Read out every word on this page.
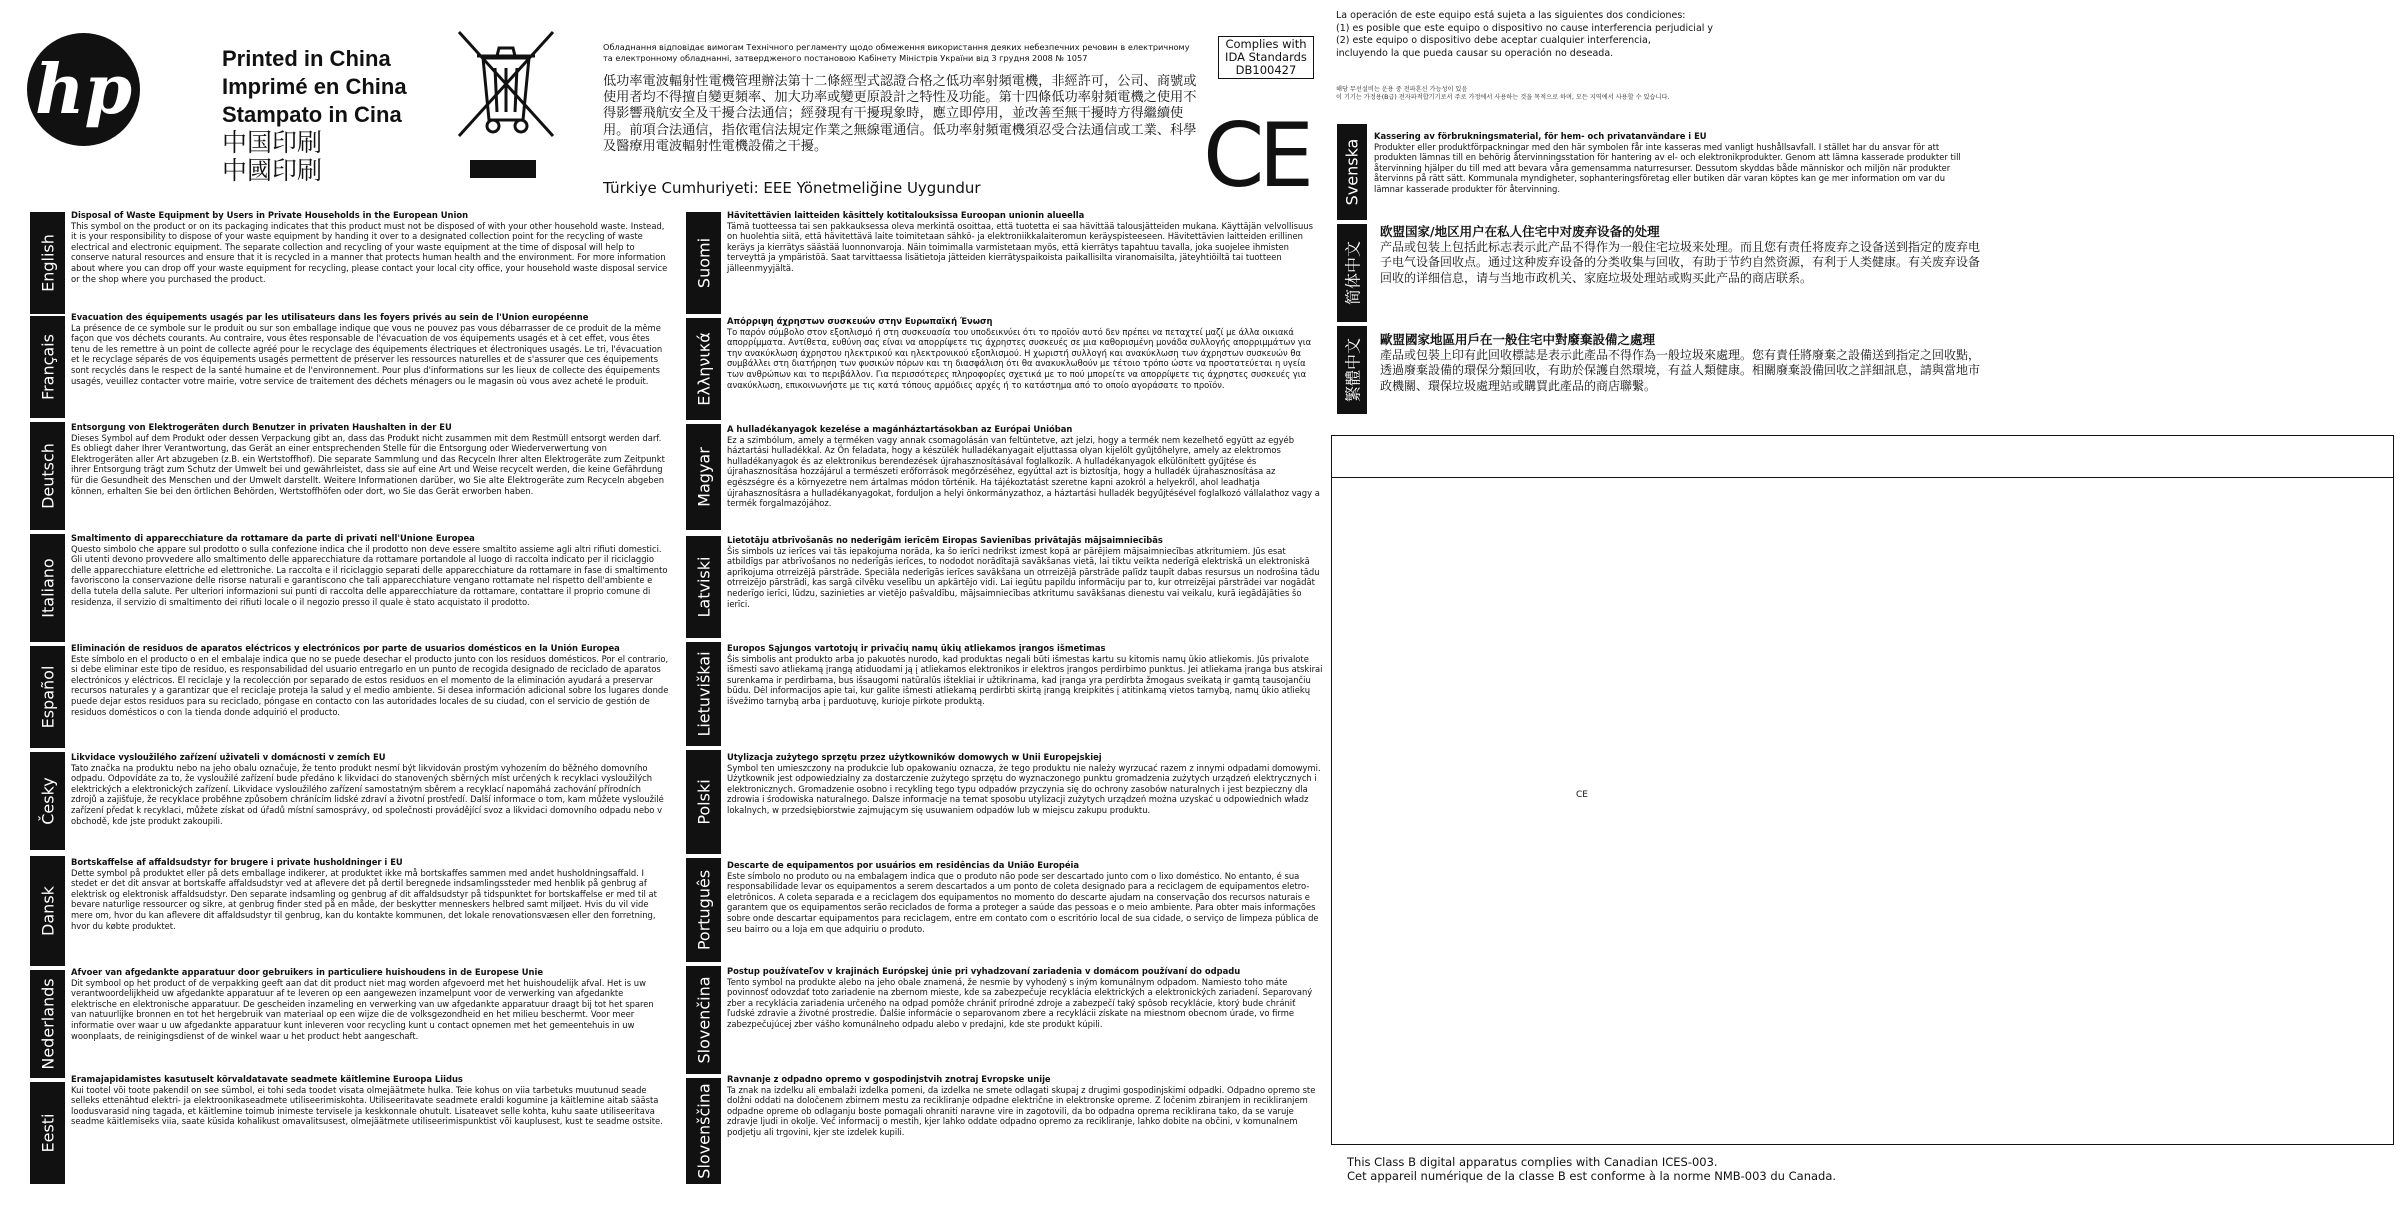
hp	Printed in China
Imprimé en China
Stampato in Cina
中国印刷
中國印刷
Обладнання відповідає вимогам Технічного регламенту щодо обмеження використання деяких небезпечних речовин в електричному та електронному обладнанні, затвердженого постановою Кабінету Міністрів України від 3 грудня 2008 № 1057
低功率電波輻射性電機管理辦法第十二條經型式認證合格之低功率射頻電機，非經許可，公司、商號或使用者均不得擅自變更頻率、加大功率或變更原設計之特性及功能。第十四條低功率射頻電機之使用不得影響飛航安全及干擾合法通信；經發現有干擾現象時，應立即停用，並改善至無干擾時方得繼續使用。前項合法通信，指依電信法規定作業之無線電通信。低功率射頻電機須忍受合法通信或工業、科學及醫療用電波輻射性電機設備之干擾。
Türkiye Cumhuriyeti: EEE Yönetmeliğine Uygundur
Complies with
IDA Standards
DB100427
CE
La operación de este equipo está sujeta a las siguientes dos condiciones:
(1) es posible que este equipo o dispositivo no cause interferencia perjudicial y
(2) este equipo o dispositivo debe aceptar cualquier interferencia,
incluyendo la que pueda causar su operación no deseada.
해당 무선설비는 운용 중 전파혼신 가능성이 있음
이 기기는 가정용(B급) 전자파적합기기로서 주로 가정에서 사용하는 것을 목적으로 하며, 모든 지역에서 사용할 수 있습니다.
English
Disposal of Waste Equipment by Users in Private Households in the European Union
This symbol on the product or on its packaging indicates that this product must not be disposed of with your other household waste. Instead, it is your responsibility to dispose of your waste equipment by handing it over to a designated collection point for the recycling of waste electrical and electronic equipment. The separate collection and recycling of your waste equipment at the time of disposal will help to conserve natural resources and ensure that it is recycled in a manner that protects human health and the environment. For more information about where you can drop off your waste equipment for recycling, please contact your local city office, your household waste disposal service or the shop where you purchased the product.
Français
Evacuation des équipements usagés par les utilisateurs dans les foyers privés au sein de l'Union européenne
La présence de ce symbole sur le produit ou sur son emballage indique que vous ne pouvez pas vous débarrasser de ce produit de la même façon que vos déchets courants. Au contraire, vous êtes responsable de l'évacuation de vos équipements usagés et à cet effet, vous êtes tenu de les remettre à un point de collecte agréé pour le recyclage des équipements électriques et électroniques usagés. Le tri, l'évacuation et le recyclage séparés de vos équipements usagés permettent de préserver les ressources naturelles et de s'assurer que ces équipements sont recyclés dans le respect de la santé humaine et de l'environnement. Pour plus d'informations sur les lieux de collecte des équipements usagés, veuillez contacter votre mairie, votre service de traitement des déchets ménagers ou le magasin où vous avez acheté le produit.
Deutsch
Entsorgung von Elektrogeräten durch Benutzer in privaten Haushalten in der EU
Dieses Symbol auf dem Produkt oder dessen Verpackung gibt an, dass das Produkt nicht zusammen mit dem Restmüll entsorgt werden darf. Es obliegt daher Ihrer Verantwortung, das Gerät an einer entsprechenden Stelle für die Entsorgung oder Wiederverwertung von Elektrogeräten aller Art abzugeben (z.B. ein Wertstoffhof). Die separate Sammlung und das Recyceln Ihrer alten Elektrogeräte zum Zeitpunkt ihrer Entsorgung trägt zum Schutz der Umwelt bei und gewährleistet, dass sie auf eine Art und Weise recycelt werden, die keine Gefährdung für die Gesundheit des Menschen und der Umwelt darstellt. Weitere Informationen darüber, wo Sie alte Elektrogeräte zum Recyceln abgeben können, erhalten Sie bei den örtlichen Behörden, Wertstoffhöfen oder dort, wo Sie das Gerät erworben haben.
Italiano
Smaltimento di apparecchiature da rottamare da parte di privati nell'Unione Europea
Questo simbolo che appare sul prodotto o sulla confezione indica che il prodotto non deve essere smaltito assieme agli altri rifiuti domestici. Gli utenti devono provvedere allo smaltimento delle apparecchiature da rottamare portandole al luogo di raccolta indicato per il riciclaggio delle apparecchiature elettriche ed elettroniche. La raccolta e il riciclaggio separati delle apparecchiature da rottamare in fase di smaltimento favoriscono la conservazione delle risorse naturali e garantiscono che tali apparecchiature vengano rottamate nel rispetto dell'ambiente e della tutela della salute. Per ulteriori informazioni sui punti di raccolta delle apparecchiature da rottamare, contattare il proprio comune di residenza, il servizio di smaltimento dei rifiuti locale o il negozio presso il quale è stato acquistato il prodotto.
Español
Eliminación de residuos de aparatos eléctricos y electrónicos por parte de usuarios domésticos en la Unión Europea
Este símbolo en el producto o en el embalaje indica que no se puede desechar el producto junto con los residuos domésticos. Por el contrario, si debe eliminar este tipo de residuo, es responsabilidad del usuario entregarlo en un punto de recogida designado de reciclado de aparatos electrónicos y eléctricos. El reciclaje y la recolección por separado de estos residuos en el momento de la eliminación ayudará a preservar recursos naturales y a garantizar que el reciclaje proteja la salud y el medio ambiente. Si desea información adicional sobre los lugares donde puede dejar estos residuos para su reciclado, póngase en contacto con las autoridades locales de su ciudad, con el servicio de gestión de residuos domésticos o con la tienda donde adquirió el producto.
Česky
Likvidace vysloužilého zařízení uživateli v domácnosti v zemích EU
Tato značka na produktu nebo na jeho obalu označuje, že tento produkt nesmí být likvidován prostým vyhozením do běžného domovního odpadu. Odpovídáte za to, že vysloužilé zařízení bude předáno k likvidaci do stanovených sběrných míst určených k recyklaci vysloužilých elektrických a elektronických zařízení. Likvidace vysloužilého zařízení samostatným sběrem a recyklací napomáhá zachování přírodních zdrojů a zajišťuje, že recyklace proběhne způsobem chránícím lidské zdraví a životní prostředí. Další informace o tom, kam můžete vysloužilé zařízení předat k recyklaci, můžete získat od úřadů místní samosprávy, od společnosti provádějící svoz a likvidaci domovního odpadu nebo v obchodě, kde jste produkt zakoupili.
Dansk
Bortskaffelse af affaldsudstyr for brugere i private husholdninger i EU
Dette symbol på produktet eller på dets emballage indikerer, at produktet ikke må bortskaffes sammen med andet husholdningsaffald. I stedet er det dit ansvar at bortskaffe affaldsudstyr ved at aflevere det på dertil beregnede indsamlingssteder med henblik på genbrug af elektrisk og elektronisk affaldsudstyr. Den separate indsamling og genbrug af dit affaldsudstyr på tidspunktet for bortskaffelse er med til at bevare naturlige ressourcer og sikre, at genbrug finder sted på en måde, der beskytter menneskers helbred samt miljøet. Hvis du vil vide mere om, hvor du kan aflevere dit affaldsudstyr til genbrug, kan du kontakte kommunen, det lokale renovationsvæsen eller den forretning, hvor du købte produktet.
Nederlands
Afvoer van afgedankte apparatuur door gebruikers in particuliere huishoudens in de Europese Unie
Dit symbool op het product of de verpakking geeft aan dat dit product niet mag worden afgevoerd met het huishoudelijk afval. Het is uw verantwoordelijkheid uw afgedankte apparatuur af te leveren op een aangewezen inzamelpunt voor de verwerking van afgedankte elektrische en elektronische apparatuur. De gescheiden inzameling en verwerking van uw afgedankte apparatuur draagt bij tot het sparen van natuurlijke bronnen en tot het hergebruik van materiaal op een wijze die de volksgezondheid en het milieu beschermt. Voor meer informatie over waar u uw afgedankte apparatuur kunt inleveren voor recycling kunt u contact opnemen met het gemeentehuis in uw woonplaats, de reinigingsdienst of de winkel waar u het product hebt aangeschaft.
Eesti
Eramajapidamistes kasutuselt kõrvaldatavate seadmete käitlemine Euroopa Liidus
Kui tootel või toote pakendil on see sümbol, ei tohi seda toodet visata olmejäätmete hulka. Teie kohus on viia tarbetuks muutunud seade selleks ettenähtud elektri- ja elektroonikaseadmete utiliseerimiskohta. Utiliseeritavate seadmete eraldi kogumine ja käitlemine aitab säästa loodusvarasid ning tagada, et käitlemine toimub inimeste tervisele ja keskkonnale ohutult. Lisateavet selle kohta, kuhu saate utiliseeritava seadme käitlemiseks viia, saate küsida kohalikust omavalitsusest, olmejäätmete utiliseerimispunktist või kauplusest, kust te seadme ostsite.
Suomi
Hävitettävien laitteiden käsittely kotitalouksissa Euroopan unionin alueella
Tämä tuotteessa tai sen pakkauksessa oleva merkintä osoittaa, että tuotetta ei saa hävittää talousjätteiden mukana. Käyttäjän velvollisuus on huolehtia siitä, että hävitettävä laite toimitetaan sähkö- ja elektroniikkalaiteromun keräyspisteeseen. Hävitettävien laitteiden erillinen keräys ja kierrätys säästää luonnonvaroja. Näin toimimalla varmistetaan myös, että kierrätys tapahtuu tavalla, joka suojelee ihmisten terveyttä ja ympäristöä. Saat tarvittaessa lisätietoja jätteiden kierrätyspaikoista paikallisilta viranomaisilta, jäteyhtiöiltä tai tuotteen jälleenmyyjältä.
Ελληνικά
Απόρριψη άχρηστων συσκευών στην Ευρωπαϊκή Ένωση
Το παρόν σύμβολο στον εξοπλισμό ή στη συσκευασία του υποδεικνύει ότι το προϊόν αυτό δεν πρέπει να πεταχτεί μαζί με άλλα οικιακά απορρίμματα. Αντίθετα, ευθύνη σας είναι να απορρίψετε τις άχρηστες συσκευές σε μια καθορισμένη μονάδα συλλογής απορριμμάτων για την ανακύκλωση άχρηστου ηλεκτρικού και ηλεκτρονικού εξοπλισμού. Η χωριστή συλλογή και ανακύκλωση των άχρηστων συσκευών θα συμβάλλει στη διατήρηση των φυσικών πόρων και τη διασφάλιση ότι θα ανακυκλωθούν με τέτοιο τρόπο ώστε να προστατεύεται η υγεία των ανθρώπων και το περιβάλλον. Για περισσότερες πληροφορίες σχετικά με το πού μπορείτε να απορρίψετε τις άχρηστες συσκευές για ανακύκλωση, επικοινωνήστε με τις κατά τόπους αρμόδιες αρχές ή το κατάστημα από το οποίο αγοράσατε το προϊόν.
Magyar
A hulladékanyagok kezelése a magánháztartásokban az Európai Unióban
Ez a szimbólum, amely a terméken vagy annak csomagolásán van feltüntetve, azt jelzi, hogy a termék nem kezelhető együtt az egyéb háztartási hulladékkal. Az Ön feladata, hogy a készülék hulladékanyagait eljuttassa olyan kijelölt gyűjtőhelyre, amely az elektromos hulladékanyagok és az elektronikus berendezések újrahasznosításával foglalkozik. A hulladékanyagok elkülönített gyűjtése és újrahasznosítása hozzájárul a természeti erőforrások megőrzéséhez, egyúttal azt is biztosítja, hogy a hulladék újrahasznosítása az egészségre és a környezetre nem ártalmas módon történik. Ha tájékoztatást szeretne kapni azokról a helyekről, ahol leadhatja újrahasznosításra a hulladékanyagokat, forduljon a helyi önkormányzathoz, a háztartási hulladék begyűjtésével foglalkozó vállalathoz vagy a termék forgalmazójához.
Latviski
Lietotāju atbrīvošanās no nederīgām ierīcēm Eiropas Savienības privātajās mājsaimniecībās
Šis simbols uz ierīces vai tās iepakojuma norāda, ka šo ierīci nedrīkst izmest kopā ar pārējiem mājsaimniecības atkritumiem. Jūs esat atbildīgs par atbrīvošanos no nederīgās ierīces, to nododot norādītajā savākšanas vietā, lai tiktu veikta nederīgā elektriskā un elektroniskā aprīkojuma otrreizējā pārstrāde. Speciāla nederīgās ierīces savākšana un otrreizējā pārstrāde palīdz taupīt dabas resursus un nodrošina tādu otrreizējo pārstrādi, kas sargā cilvēku veselību un apkārtējo vidi. Lai iegūtu papildu informāciju par to, kur otrreizējai pārstrādei var nogādāt nederīgo ierīci, lūdzu, sazinieties ar vietējo pašvaldību, mājsaimniecības atkritumu savākšanas dienestu vai veikalu, kurā iegādājāties šo ierīci.
Lietuviškai
Europos Sąjungos vartotojų ir privačių namų ūkių atliekamos įrangos išmetimas
Šis simbolis ant produkto arba jo pakuotės nurodo, kad produktas negali būti išmestas kartu su kitomis namų ūkio atliekomis. Jūs privalote išmesti savo atliekamą įrangą atiduodami ją į atliekamos elektronikos ir elektros įrangos perdirbimo punktus. Jei atliekama įranga bus atskirai surenkama ir perdirbama, bus išsaugomi natūralūs ištekliai ir užtikrinama, kad įranga yra perdirbta žmogaus sveikatą ir gamtą tausojančiu būdu. Dėl informacijos apie tai, kur galite išmesti atliekamą perdirbti skirtą įrangą kreipkitės į atitinkamą vietos tarnybą, namų ūkio atliekų išvežimo tarnybą arba į parduotuvę, kurioje pirkote produktą.
Polski
Utylizacja zużytego sprzętu przez użytkowników domowych w Unii Europejskiej
Symbol ten umieszczony na produkcie lub opakowaniu oznacza, że tego produktu nie należy wyrzucać razem z innymi odpadami domowymi. Użytkownik jest odpowiedzialny za dostarczenie zużytego sprzętu do wyznaczonego punktu gromadzenia zużytych urządzeń elektrycznych i elektronicznych. Gromadzenie osobno i recykling tego typu odpadów przyczynia się do ochrony zasobów naturalnych i jest bezpieczny dla zdrowia i środowiska naturalnego. Dalsze informacje na temat sposobu utylizacji zużytych urządzeń można uzyskać u odpowiednich władz lokalnych, w przedsiębiorstwie zajmującym się usuwaniem odpadów lub w miejscu zakupu produktu.
Português
Descarte de equipamentos por usuários em residências da União Européia
Este símbolo no produto ou na embalagem indica que o produto não pode ser descartado junto com o lixo doméstico. No entanto, é sua responsabilidade levar os equipamentos a serem descartados a um ponto de coleta designado para a reciclagem de equipamentos eletro-eletrônicos. A coleta separada e a reciclagem dos equipamentos no momento do descarte ajudam na conservação dos recursos naturais e garantem que os equipamentos serão reciclados de forma a proteger a saúde das pessoas e o meio ambiente. Para obter mais informações sobre onde descartar equipamentos para reciclagem, entre em contato com o escritório local de sua cidade, o serviço de limpeza pública de seu bairro ou a loja em que adquiriu o produto.
Slovenčina
Postup používateľov v krajinách Európskej únie pri vyhadzovaní zariadenia v domácom používaní do odpadu
Tento symbol na produkte alebo na jeho obale znamená, že nesmie by vyhodený s iným komunálnym odpadom. Namiesto toho máte povinnosť odovzdať toto zariadenie na zbernom mieste, kde sa zabezpečuje recyklácia elektrických a elektronických zariadení. Separovaný zber a recyklácia zariadenia určeného na odpad pomôže chrániť prírodné zdroje a zabezpečí taký spôsob recyklácie, ktorý bude chrániť ľudské zdravie a životné prostredie. Ďalšie informácie o separovanom zbere a recyklácii získate na miestnom obecnom úrade, vo firme zabezpečujúcej zber vášho komunálneho odpadu alebo v predajni, kde ste produkt kúpili.
Slovenščina
Ravnanje z odpadno opremo v gospodinjstvih znotraj Evropske unije
Ta znak na izdelku ali embalaži izdelka pomeni, da izdelka ne smete odlagati skupaj z drugimi gospodinjskimi odpadki. Odpadno opremo ste dolžni oddati na določenem zbirnem mestu za recikliranje odpadne električne in elektronske opreme. Z ločenim zbiranjem in recikliranjem odpadne opreme ob odlaganju boste pomagali ohraniti naravne vire in zagotovili, da bo odpadna oprema reciklirana tako, da se varuje zdravje ljudi in okolje. Več informacij o mestih, kjer lahko oddate odpadno opremo za recikliranje, lahko dobite na občini, v komunalnem podjetju ali trgovini, kjer ste izdelek kupili.
Svenska
Kassering av förbrukningsmaterial, för hem- och privatanvändare i EU
Produkter eller produktförpackningar med den här symbolen får inte kasseras med vanligt hushållsavfall. I stället har du ansvar för att produkten lämnas till en behörig återvinningsstation för hantering av el- och elektronikprodukter. Genom att lämna kasserade produkter till återvinning hjälper du till med att bevara våra gemensamma naturresurser. Dessutom skyddas både människor och miljön när produkter återvinns på rätt sätt. Kommunala myndigheter, sophanteringsföretag eller butiken där varan köptes kan ge mer information om var du lämnar kasserade produkter för återvinning.
简体中文
欧盟国家/地区用户在私人住宅中对废弃设备的处理
产品或包装上包括此标志表示此产品不得作为一般住宅垃圾来处理。而且您有责任将废弃之设备送到指定的废弃电子电气设备回收点。通过这种废弃设备的分类收集与回收，有助于节约自然资源，有利于人类健康。有关废弃设备回收的详细信息，请与当地市政机关、家庭垃圾处理站或购买此产品的商店联系。
繁體中文 歐盟國家地區用戶在一般住宅中對廢棄設備之處理
產品或包裝上印有此回收標誌是表示此產品不得作為一般垃圾來處理。您有責任將廢棄之設備送到指定之回收點，透過廢棄設備的環保分類回收，有助於保護自然環境，有益人類健康。相關廢棄設備回收之詳細訊息，請與當地市政機關、環保垃圾處理站或購買此產品的商店聯繫。
CE
This Class B digital apparatus complies with Canadian ICES-003.
Cet appareil numérique de la classe B est conforme à la norme NMB-003 du Canada.
